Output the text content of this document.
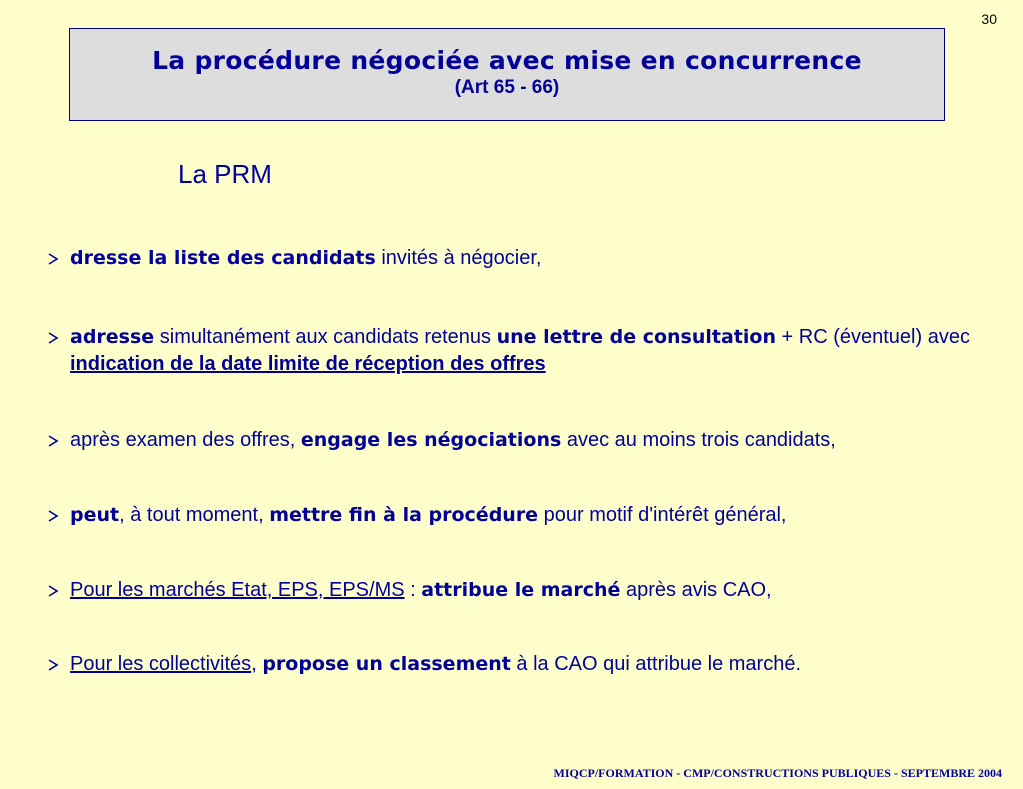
30
La procédure négociée avec mise en concurrence
(Art 65 - 66)
La PRM
dresse la liste des candidats invités à négocier,
adresse simultanément aux candidats retenus une lettre de consultation + RC (éventuel) avec indication de la date limite de réception des offres
après examen des offres, engage les négociations avec au moins trois candidats,
peut, à tout moment, mettre fin à la procédure pour motif d'intérêt général,
Pour les marchés Etat, EPS, EPS/MS : attribue le marché après avis CAO,
Pour les collectivités, propose un classement à la CAO qui attribue le marché.
MIQCP/FORMATION - CMP/CONSTRUCTIONS PUBLIQUES - SEPTEMBRE 2004
